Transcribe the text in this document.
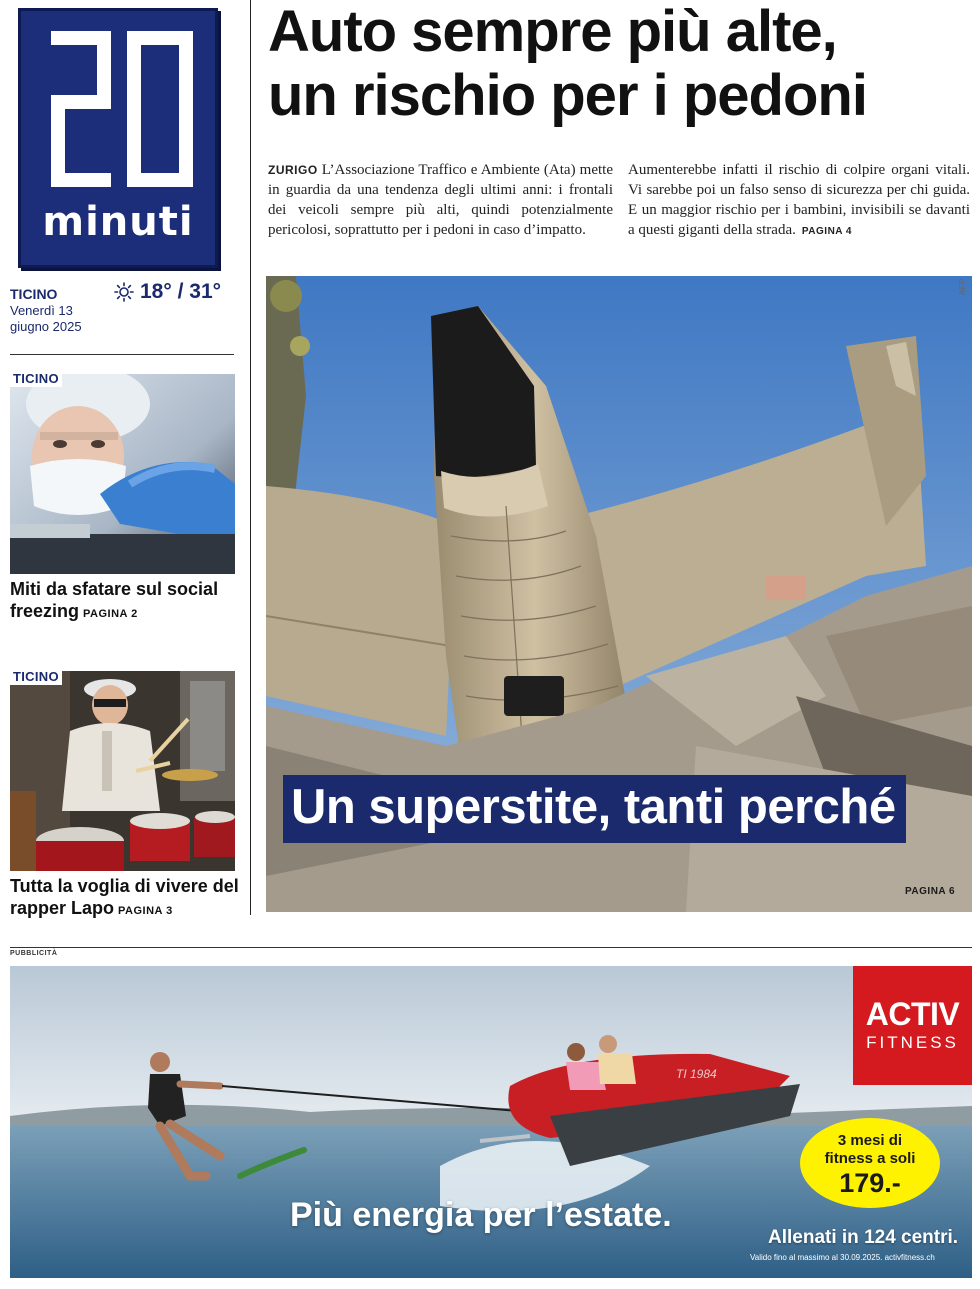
20
minuti
TICINO
Venerdì 13
giugno 2025
18° / 31°
TICINO
Miti da sfatare sul social freezing PAGINA 2
TICINO
Tutta la voglia di vivere del rapper Lapo PAGINA 3
Auto sempre più alte,
un rischio per i pedoni
ZURIGO L’Associazione Traffico e Ambiente (Ata) mette in guardia da una tendenza degli ultimi anni: i frontali dei veicoli sempre più alti, quindi potenzialmente pericolosi, soprattutto per i pedoni in caso d’impatto.
Aumenterebbe infatti il rischio di colpire organi vitali. Vi sarebbe poi un falso senso di sicurezza per chi guida. E un maggior rischio per i bambini, invisibili se davanti a questi giganti della strada. PAGINA 4
AFP
Un superstite, tanti perché
PAGINA 6
PUBBLICITÀ
TI 1984
ACTIV
FITNESS
3 mesi di
fitness a soli
179.-
Più energia per l’estate.
Allenati in 124 centri.
Valido fino al massimo al 30.09.2025. activfitness.ch
